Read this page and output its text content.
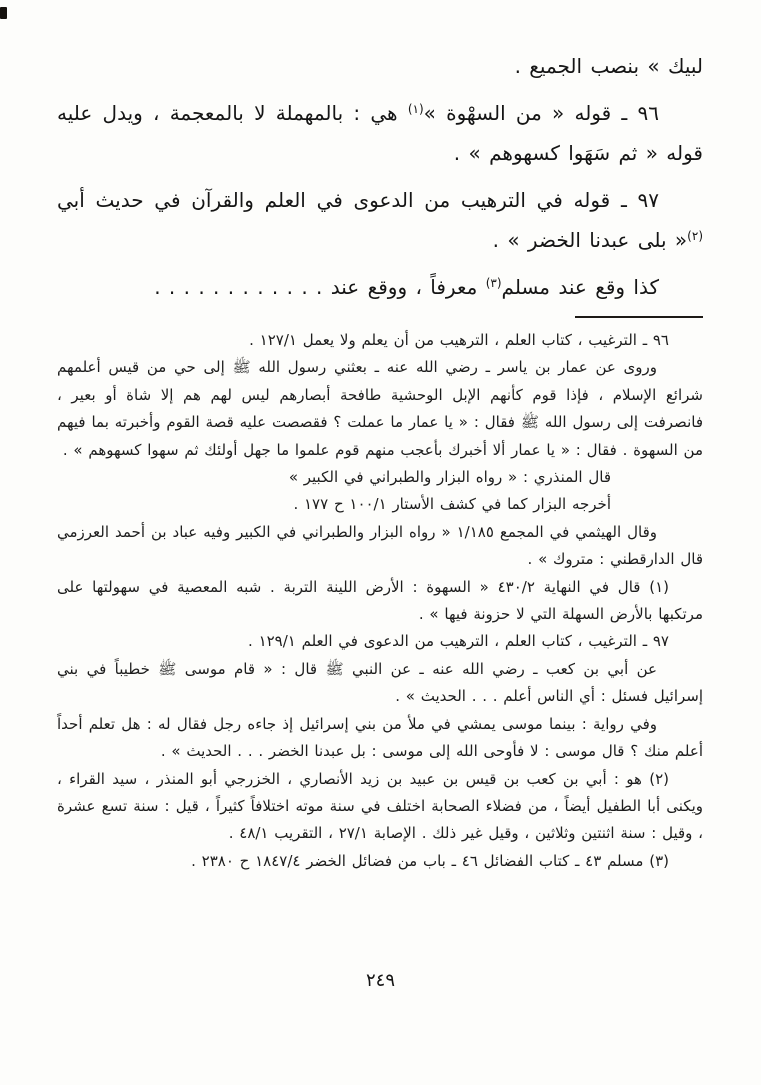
لبيك » بنصب الجميع .

٩٦ ـ قوله « من السهْوة »$^{(١)}$ هي : بالمهملة لا بالمعجمة ، ويدل عليه قوله « ثم سَهَوا كسهوهم » .

٩٧ ـ قوله في الترهيب من الدعوى في العلم والقرآن في حديث أبي $^{(٢)}$« بلى عبدنا الخضر » .

كذا وقع عند مسلم$^{(٣)}$ معرفاً ، ووقع عند . . . . . . . . . . . .

٩٦ ـ الترغيب ، كتاب العلم ، الترهيب من أن يعلم ولا يعمل ١٢٧/١ .

وروى عن عمار بن ياسر ـ رضي الله عنه ـ بعثني رسول الله ﷺ إلى حي من قيس أعلمهم شرائع الإسلام ، فإذا قوم كأنهم الإبل الوحشية طافحة أبصارهم ليس لهم هم إلا شاة أو بعير ، فانصرفت إلى رسول الله ﷺ فقال : « يا عمار ما عملت ؟ فقصصت عليه قصة القوم وأخبرته بما فيهم من السهوة . فقال : « يا عمار ألا أخبرك بأعجب منهم قوم علموا ما جهل أولئك ثم سهوا كسهوهم » .

قال المنذري : « رواه البزار والطبراني في الكبير »

أخرجه البزار كما في كشف الأستار ١٠٠/١ ح ١٧٧ .

وقال الهيثمي في المجمع ١/١٨٥ « رواه البزار والطبراني في الكبير وفيه عباد بن أحمد العرزمي قال الدارقطني : متروك » .

(١) قال في النهاية ٤٣٠/٢ « السهوة : الأرض اللينة التربة . شبه المعصية في سهولتها على مرتكبها بالأرض السهلة التي لا حزونة فيها » .

٩٧ ـ الترغيب ، كتاب العلم ، الترهيب من الدعوى في العلم ١٢٩/١ .

عن أبي بن كعب ـ رضي الله عنه ـ عن النبي ﷺ قال : « قام موسى ﷺ خطيباً في بني إسرائيل فسئل : أي الناس أعلم . . . الحديث » .

وفي رواية : بينما موسى يمشي في ملأ من بني إسرائيل إذ جاءه رجل فقال له : هل تعلم أحداً أعلم منك ؟ قال موسى : لا فأوحى الله إلى موسى : بل عبدنا الخضر . . . الحديث » .

(٢) هو : أبي بن كعب بن قيس بن عبيد بن زيد الأنصاري ، الخزرجي أبو المنذر ، سيد القراء ، ويكنى أبا الطفيل أيضاً ، من فضلاء الصحابة اختلف في سنة موته اختلافاً كثيراً ، قيل : سنة تسع عشرة ، وقيل : سنة اثنتين وثلاثين ، وقيل غير ذلك . الإصابة ٢٧/١ ، التقريب ٤٨/١ .

(٣) مسلم ٤٣ ـ كتاب الفضائل ٤٦ ـ باب من فضائل الخضر ١٨٤٧/٤ ح ٢٣٨٠ .

٢٤٩
